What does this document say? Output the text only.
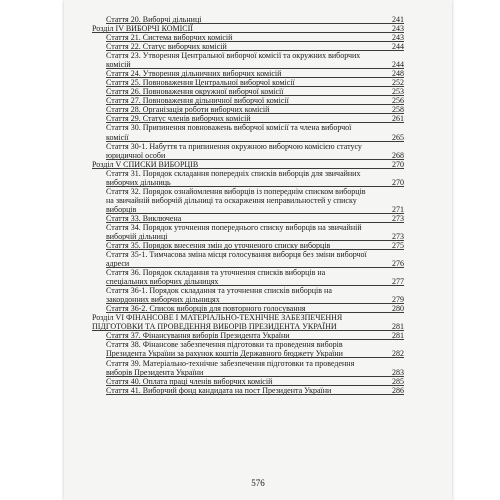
Стаття 20. Виборчі дільниці	241
Розділ IV ВИБОРЧІ КОМІСІЇ	243
Стаття 21. Система виборчих комісій	243
Стаття 22. Статус виборчих комісій	244
Стаття 23. Утворення Центральної виборчої комісії та окружних виборчих
комісій	244
Стаття 24. Утворення дільничних виборчих комісій	248
Стаття 25. Повноваження Центральної виборчої комісії	252
Стаття 26. Повноваження окружної виборчої комісії	253
Стаття 27. Повноваження дільничної виборчої комісії	256
Стаття 28. Організація роботи виборчих комісій	258
Стаття 29. Статус членів виборчих комісій	261
Стаття 30. Припинення повноважень виборчої комісії та члена виборчої
комісії	265
Стаття 30-1. Набуття та припинення окружною виборчою комісією статусу
юридичної особи	268
Розділ V СПИСКИ ВИБОРЦІВ	270
Стаття 31. Порядок складання попередніх списків виборців для звичайних
виборчих дільниць	270
Стаття 32. Порядок ознайомлення виборців із попереднім списком виборців
на звичайній виборчій дільниці та оскарження неправильностей у списку
виборців	271
Стаття 33. Виключена	273
Стаття 34. Порядок уточнення попереднього списку виборців на звичайній
виборчій дільниці	273
Стаття 35. Порядок внесення змін до уточненого списку виборців	275
Стаття 35-1. Тимчасова зміна місця голосування виборця без зміни виборчої
адреси	276
Стаття 36. Порядок складання та уточнення списків виборців на
спеціальних виборчих дільницях	277
Стаття 36-1. Порядок складання та уточнення списків виборців на
закордонних виборчих дільницях	279
Стаття 36-2. Список виборців для повторного голосування	280
Розділ VI ФІНАНСОВЕ І МАТЕРІАЛЬНО-ТЕХНІЧНЕ ЗАБЕЗПЕЧЕННЯ
ПІДГОТОВКИ ТА ПРОВЕДЕННЯ ВИБОРІВ ПРЕЗИДЕНТА УКРАЇНИ	281
Стаття 37. Фінансування виборів Президента України	281
Стаття 38. Фінансове забезпечення підготовки та проведення виборів
Президента України за рахунок коштів Державного бюджету України	282
Стаття 39. Матеріально-технічне забезпечення підготовки та проведення
виборів Президента України	283
Стаття 40. Оплата праці членів виборчих комісій	285
Стаття 41. Виборчий фонд кандидата на пост Президента України	286
576
